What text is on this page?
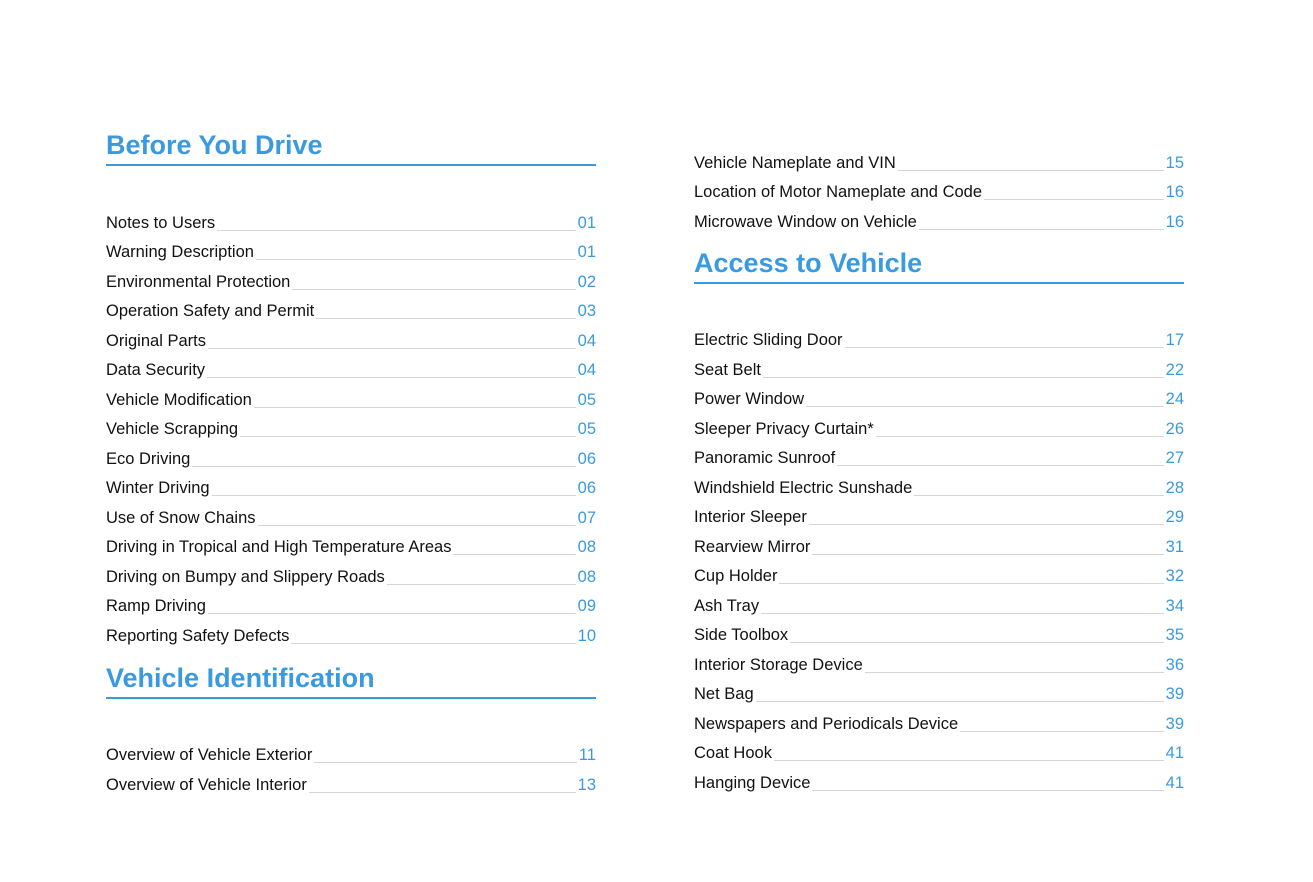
Before You Drive
Notes to Users	01
Warning Description	01
Environmental Protection	02
Operation Safety and Permit	03
Original Parts	04
Data Security	04
Vehicle Modification	05
Vehicle Scrapping	05
Eco Driving	06
Winter Driving	06
Use of Snow Chains	07
Driving in Tropical and High Temperature Areas	08
Driving on Bumpy and Slippery Roads	08
Ramp Driving	09
Reporting Safety Defects	10
Vehicle Identification
Overview of Vehicle Exterior	11
Overview of Vehicle Interior	13
Vehicle Nameplate and VIN	15
Location of Motor Nameplate and Code	16
Microwave Window on Vehicle	16
Access to Vehicle
Electric Sliding Door	17
Seat Belt	22
Power Window	24
Sleeper Privacy Curtain*	26
Panoramic Sunroof	27
Windshield Electric Sunshade	28
Interior Sleeper	29
Rearview Mirror	31
Cup Holder	32
Ash Tray	34
Side Toolbox	35
Interior Storage Device	36
Net Bag	39
Newspapers and Periodicals Device	39
Coat Hook	41
Hanging Device	41
